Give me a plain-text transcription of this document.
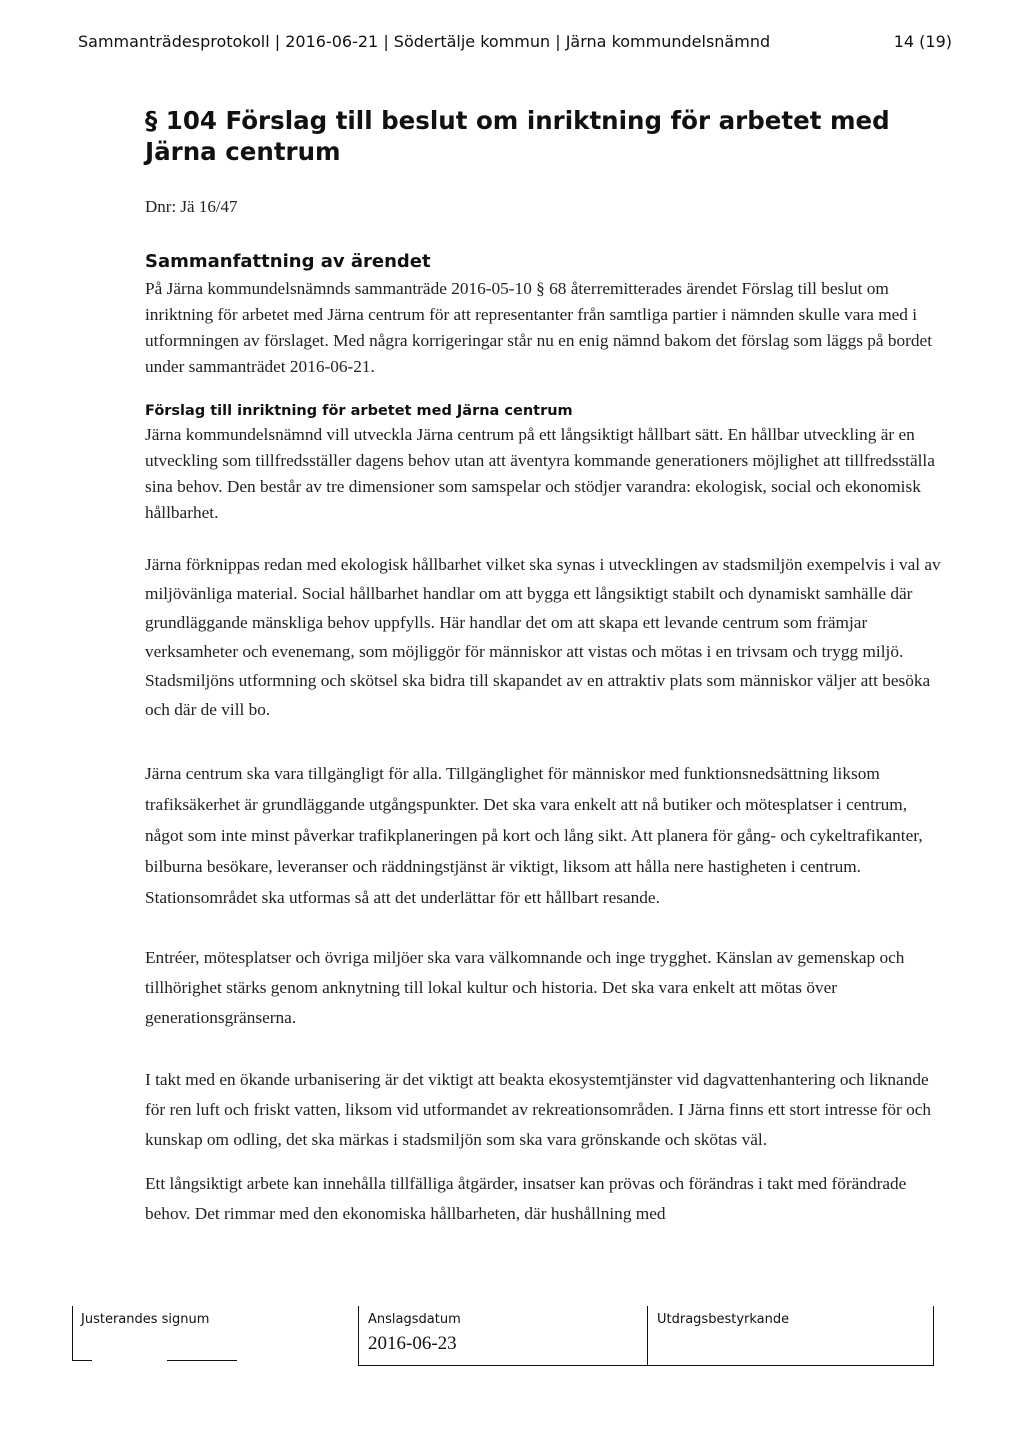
Sammanträdesprotokoll | 2016-06-21 | Södertälje kommun | Järna kommundelsnämnd	14 (19)
§ 104 Förslag till beslut om inriktning för arbetet med Järna centrum
Dnr: Jä 16/47
Sammanfattning av ärendet

På Järna kommundelsnämnds sammanträde 2016-05-10 § 68 återremitterades ärendet Förslag till beslut om inriktning för arbetet med Järna centrum för att representanter från samtliga partier i nämnden skulle vara med i utformningen av förslaget. Med några korrigeringar står nu en enig nämnd bakom det förslag som läggs på bordet under sammanträdet 2016-06-21.

Förslag till inriktning för arbetet med Järna centrum

Järna kommundelsnämnd vill utveckla Järna centrum på ett långsiktigt hållbart sätt. En hållbar utveckling är en utveckling som tillfredsställer dagens behov utan att äventyra kommande generationers möjlighet att tillfredsställa sina behov. Den består av tre dimensioner som samspelar och stödjer varandra: ekologisk, social och ekonomisk hållbarhet.

Järna förknippas redan med ekologisk hållbarhet vilket ska synas i utvecklingen av stadsmiljön exempelvis i val av miljövänliga material. Social hållbarhet handlar om att bygga ett långsiktigt stabilt och dynamiskt samhälle där grundläggande mänskliga behov uppfylls. Här handlar det om att skapa ett levande centrum som främjar verksamheter och evenemang, som möjliggör för människor att vistas och mötas i en trivsam och trygg miljö. Stadsmiljöns utformning och skötsel ska bidra till skapandet av en attraktiv plats som människor väljer att besöka och där de vill bo.

Järna centrum ska vara tillgängligt för alla. Tillgänglighet för människor med funktionsnedsättning liksom trafiksäkerhet är grundläggande utgångspunkter. Det ska vara enkelt att nå butiker och mötesplatser i centrum, något som inte minst påverkar trafikplaneringen på kort och lång sikt. Att planera för gång- och cykeltrafikanter, bilburna besökare, leveranser och räddningstjänst är viktigt, liksom att hålla nere hastigheten i centrum. Stationsområdet ska utformas så att det underlättar för ett hållbart resande.

Entréer, mötesplatser och övriga miljöer ska vara välkomnande och inge trygghet. Känslan av gemenskap och tillhörighet stärks genom anknytning till lokal kultur och historia. Det ska vara enkelt att mötas över generationsgränserna.

I takt med en ökande urbanisering är det viktigt att beakta ekosystemtjänster vid dagvattenhantering och liknande för ren luft och friskt vatten, liksom vid utformandet av rekreationsområden. I Järna finns ett stort intresse för och kunskap om odling, det ska märkas i stadsmiljön som ska vara grönskande och skötas väl.

Ett långsiktigt arbete kan innehålla tillfälliga åtgärder, insatser kan prövas och förändras i takt med förändrade behov. Det rimmar med den ekonomiska hållbarheten, där hushållning med

Justerandes signum	Anslagsdatum
2016-06-23
Utdragsbestyrkande
